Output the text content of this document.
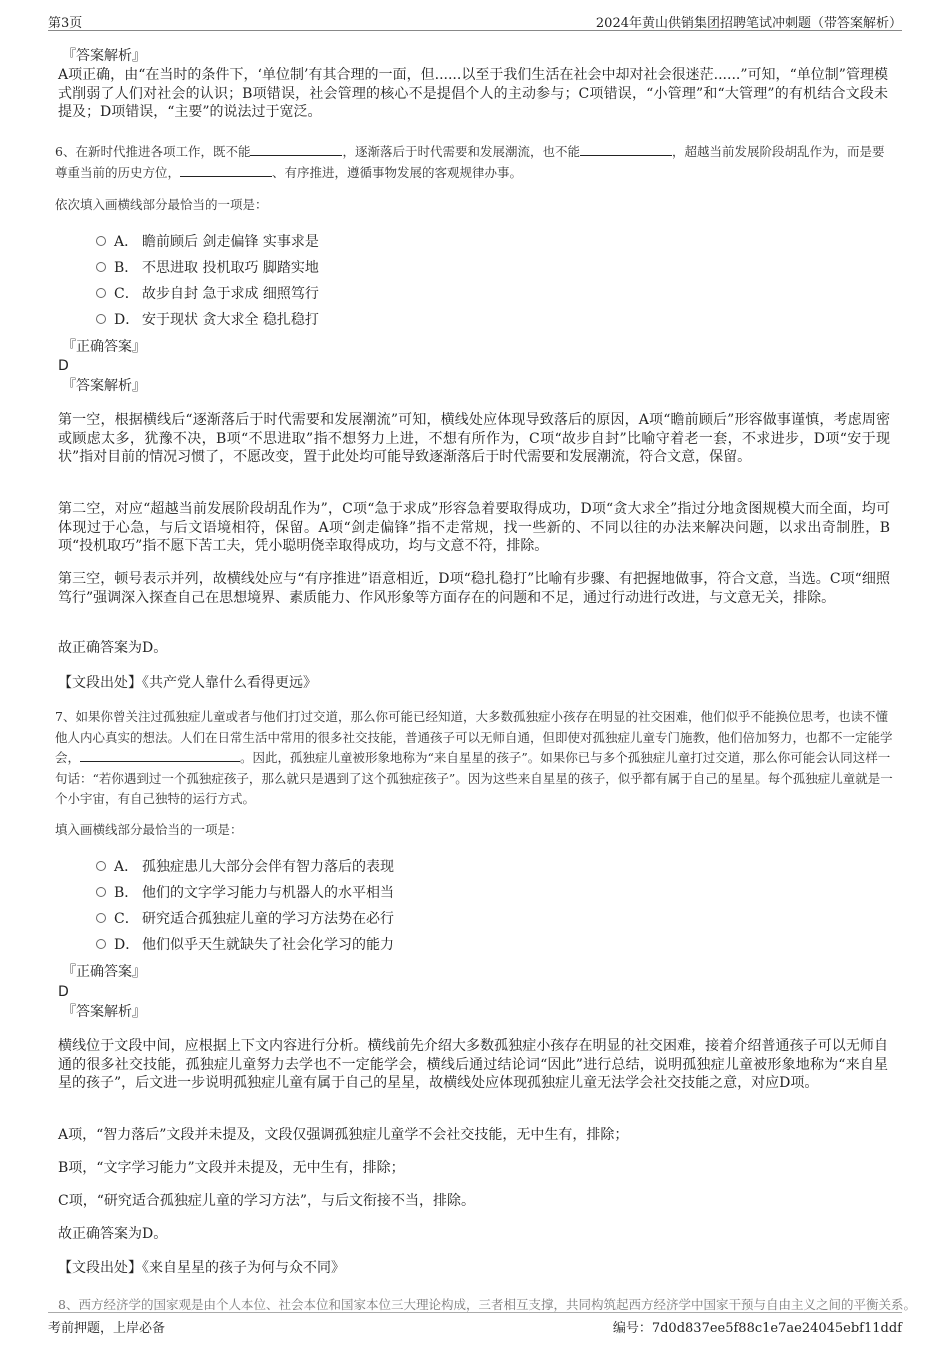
第3页	2024年黄山供销集团招聘笔试冲刺题（带答案解析）
『答案解析』
A项正确，由“在当时的条件下，‘单位制’有其合理的一面，但......以至于我们生活在社会中却对社会很迷茫......”可知，“单位制”管理模式削弱了人们对社会的认识；B项错误，社会管理的核心不是提倡个人的主动参与；C项错误，“小管理”和“大管理”的有机结合文段未提及；D项错误，“主要”的说法过于宽泛。
6、在新时代推进各项工作，既不能	，逐渐落后于时代需要和发展潮流，也不能	，超越当前发展阶段胡乱作为，而是要尊重当前的历史方位，	、有序推进，遵循事物发展的客观规律办事。
依次填入画横线部分最恰当的一项是：
A． 瞻前顾后 剑走偏锋 实事求是
B． 不思进取 投机取巧 脚踏实地
C． 故步自封 急于求成 细照笃行
D． 安于现状 贪大求全 稳扎稳打
『正确答案』
D
『答案解析』
第一空，根据横线后“逐渐落后于时代需要和发展潮流”可知，横线处应体现导致落后的原因，A项“瞻前顾后”形容做事谨慎，考虑周密或顾虑太多，犹豫不决，B项“不思进取”指不想努力上进，不想有所作为，C项“故步自封”比喻守着老一套，不求进步，D项“安于现状”指对目前的情况习惯了，不愿改变，置于此处均可能导致逐渐落后于时代需要和发展潮流，符合文意，保留。
第二空，对应“超越当前发展阶段胡乱作为”，C项“急于求成”形容急着要取得成功，D项“贪大求全”指过分地贪图规模大而全面，均可体现过于心急，与后文语境相符，保留。A项“剑走偏锋”指不走常规，找一些新的、不同以往的办法来解决问题，以求出奇制胜，B项“投机取巧”指不愿下苦工夫，凭小聪明侥幸取得成功，均与文意不符，排除。
第三空，顿号表示并列，故横线处应与“有序推进”语意相近，D项“稳扎稳打”比喻有步骤、有把握地做事，符合文意，当选。C项“细照笃行”强调深入探查自己在思想境界、素质能力、作风形象等方面存在的问题和不足，通过行动进行改进，与文意无关，排除。
故正确答案为D。
【文段出处】《共产党人靠什么看得更远》
7、如果你曾关注过孤独症儿童或者与他们打过交道，那么你可能已经知道，大多数孤独症小孩存在明显的社交困难，他们似乎不能换位思考，也读不懂他人内心真实的想法。人们在日常生活中常用的很多社交技能，普通孩子可以无师自通，但即使对孤独症儿童专门施教，他们倍加努力，也都不一定能学会，	。因此，孤独症儿童被形象地称为“来自星星的孩子”。如果你已与多个孤独症儿童打过交道，那么你可能会认同这样一句话：“若你遇到过一个孤独症孩子，那么就只是遇到了这个孤独症孩子”。因为这些来自星星的孩子，似乎都有属于自己的星星。每个孤独症儿童就是一个小宇宙，有自己独特的运行方式。
填入画横线部分最恰当的一项是：
A． 孤独症患儿大部分会伴有智力落后的表现
B． 他们的文字学习能力与机器人的水平相当
C． 研究适合孤独症儿童的学习方法势在必行
D． 他们似乎天生就缺失了社会化学习的能力
『正确答案』
D
『答案解析』
横线位于文段中间，应根据上下文内容进行分析。横线前先介绍大多数孤独症小孩存在明显的社交困难，接着介绍普通孩子可以无师自通的很多社交技能，孤独症儿童努力去学也不一定能学会，横线后通过结论词“因此”进行总结，说明孤独症儿童被形象地称为“来自星星的孩子”，后文进一步说明孤独症儿童有属于自己的星星，故横线处应体现孤独症儿童无法学会社交技能之意，对应D项。
A项，“智力落后”文段并未提及，文段仅强调孤独症儿童学不会社交技能，无中生有，排除；
B项，“文字学习能力”文段并未提及，无中生有，排除；
C项，“研究适合孤独症儿童的学习方法”，与后文衔接不当，排除。
故正确答案为D。
【文段出处】《来自星星的孩子为何与众不同》
8、西方经济学的国家观是由个人本位、社会本位和国家本位三大理论构成，三者相互支撑，共同构筑起西方经济学中国家干预与自由主义之间的平衡关系。
考前押题，上岸必备	编号：7d0d837ee5f88c1e7ae24045ebf11ddf
